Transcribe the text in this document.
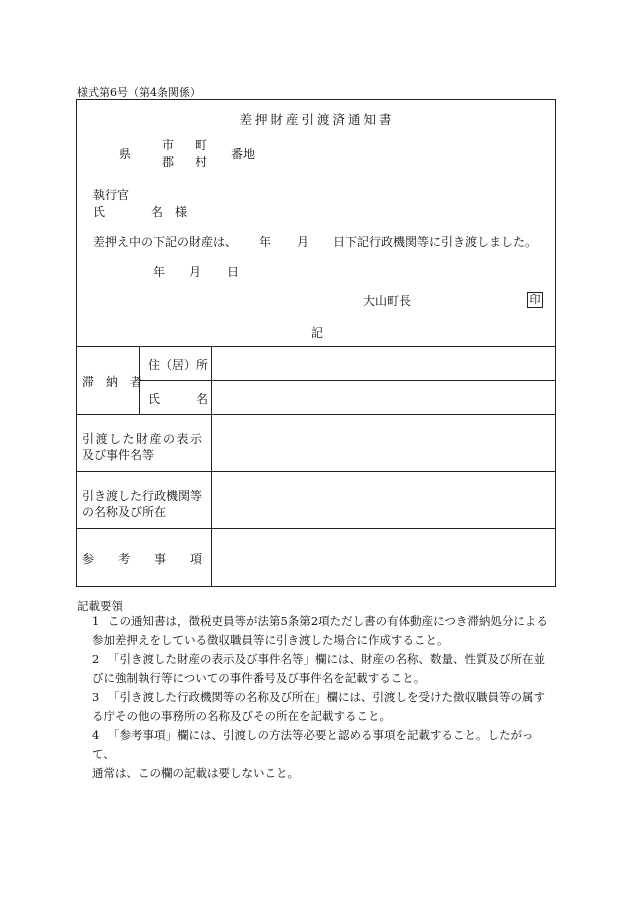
様式第6号（第4条関係）
差押財産引渡済通知書
県
市
郡
町
村
番地
執行官
氏	名　様
差押え中の下記の財産は、 年 月 日下記行政機関等に引き渡しました。
年 月 日
大山町長	印
記
滞　納　者
住（居）所
氏　　　名
引渡した財産の表示
及び事件名等
引き渡した行政機関等
の名称及び所在
参　　考　　事　　項
記載要領
1 この通知書は，徴税吏員等が法第5条第2項ただし書の有体動産につき滞納処分による
参加差押えをしている徴収職員等に引き渡した場合に作成すること。
2 「引き渡した財産の表示及び事件名等」欄には、財産の名称、数量、性質及び所在並
びに強制執行等についての事件番号及び事件名を記載すること。
3 「引き渡した行政機関等の名称及び所在」欄には、引渡しを受けた徴収職員等の属す
る庁その他の事務所の名称及びその所在を記載すること。
4 「参考事項」欄には、引渡しの方法等必要と認める事項を記載すること。したがって、
通常は、この欄の記載は要しないこと。
